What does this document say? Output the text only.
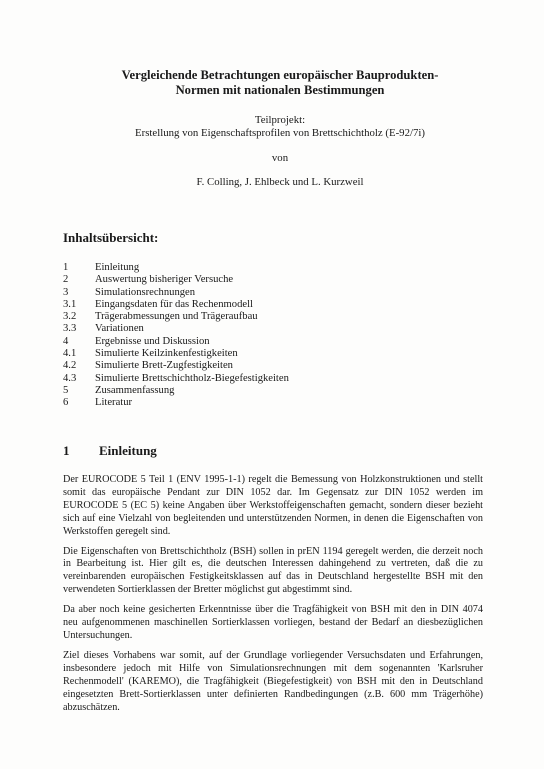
Vergleichende Betrachtungen europäischer Bauprodukten-
Normen mit nationalen Bestimmungen
Teilprojekt:
Erstellung von Eigenschaftsprofilen von Brettschichtholz (E-92/7i)
von
F. Colling, J. Ehlbeck und L. Kurzweil
Inhaltsübersicht:
1	Einleitung
2	Auswertung bisheriger Versuche
3	Simulationsrechnungen
3.1	Eingangsdaten für das Rechenmodell
3.2	Trägerabmessungen und Trägeraufbau
3.3	Variationen
4	Ergebnisse und Diskussion
4.1	Simulierte Keilzinkenfestigkeiten
4.2	Simulierte Brett-Zugfestigkeiten
4.3	Simulierte Brettschichtholz-Biegefestigkeiten
5	Zusammenfassung
6	Literatur
1	Einleitung

Der EUROCODE 5 Teil 1 (ENV 1995-1-1) regelt die Bemessung von Holzkonstruktionen und stellt somit das europäische Pendant zur DIN 1052 dar. Im Gegensatz zur DIN 1052 werden im EUROCODE 5 (EC 5) keine Angaben über Werkstoffeigenschaften gemacht, sondern dieser bezieht sich auf eine Vielzahl von begleitenden und unterstützenden Normen, in denen die Eigenschaften von Werkstoffen geregelt sind.

Die Eigenschaften von Brettschichtholz (BSH) sollen in prEN 1194 geregelt werden, die derzeit noch in Bearbeitung ist. Hier gilt es, die deutschen Interessen dahingehend zu vertreten, daß die zu vereinbarenden europäischen Festigkeitsklassen auf das in Deutschland hergestellte BSH mit den verwendeten Sortierklassen der Bretter möglichst gut abgestimmt sind.

Da aber noch keine gesicherten Erkenntnisse über die Tragfähigkeit von BSH mit den in DIN 4074 neu aufgenommenen maschinellen Sortierklassen vorliegen, bestand der Bedarf an diesbezüglichen Untersuchungen.

Ziel dieses Vorhabens war somit, auf der Grundlage vorliegender Versuchsdaten und Erfahrungen, insbesondere jedoch mit Hilfe von Simulationsrechnungen mit dem sogenannten 'Karlsruher Rechenmodell' (KAREMO), die Tragfähigkeit (Biegefestigkeit) von BSH mit den in Deutschland eingesetzten Brett-Sortierklassen unter definierten Randbedingungen (z.B. 600 mm Trägerhöhe) abzuschätzen.
